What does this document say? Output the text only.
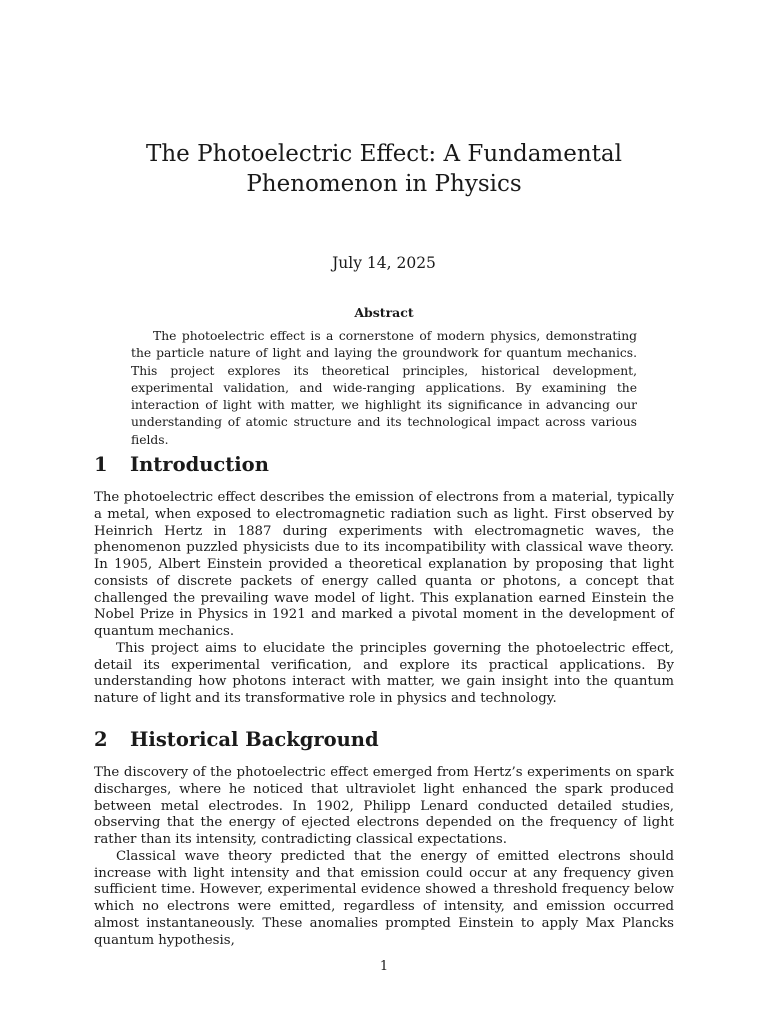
The Photoelectric Effect: A Fundamental
Phenomenon in Physics
July 14, 2025
Abstract

The photoelectric effect is a cornerstone of modern physics, demonstrating the particle nature of light and laying the groundwork for quantum mechanics. This project explores its theoretical principles, historical development, experimental validation, and wide-ranging applications. By examining the interaction of light with matter, we highlight its significance in advancing our understanding of atomic structure and its technological impact across various fields.

1 Introduction

The photoelectric effect describes the emission of electrons from a material, typically a metal, when exposed to electromagnetic radiation such as light. First observed by Heinrich Hertz in 1887 during experiments with electromagnetic waves, the phenomenon puzzled physicists due to its incompatibility with classical wave theory. In 1905, Albert Einstein provided a theoretical explanation by proposing that light consists of discrete packets of energy called quanta or photons, a concept that challenged the prevailing wave model of light. This explanation earned Einstein the Nobel Prize in Physics in 1921 and marked a pivotal moment in the development of quantum mechanics.

This project aims to elucidate the principles governing the photoelectric effect, detail its experimental verification, and explore its practical applications. By understanding how photons interact with matter, we gain insight into the quantum nature of light and its transformative role in physics and technology.

2 Historical Background

The discovery of the photoelectric effect emerged from Hertz’s experiments on spark discharges, where he noticed that ultraviolet light enhanced the spark produced between metal electrodes. In 1902, Philipp Lenard conducted detailed studies, observing that the energy of ejected electrons depended on the frequency of light rather than its intensity, contradicting classical expectations.

Classical wave theory predicted that the energy of emitted electrons should increase with light intensity and that emission could occur at any frequency given sufficient time. However, experimental evidence showed a threshold frequency below which no electrons were emitted, regardless of intensity, and emission occurred almost instantaneously. These anomalies prompted Einstein to apply Max Plancks quantum hypothesis,

1
